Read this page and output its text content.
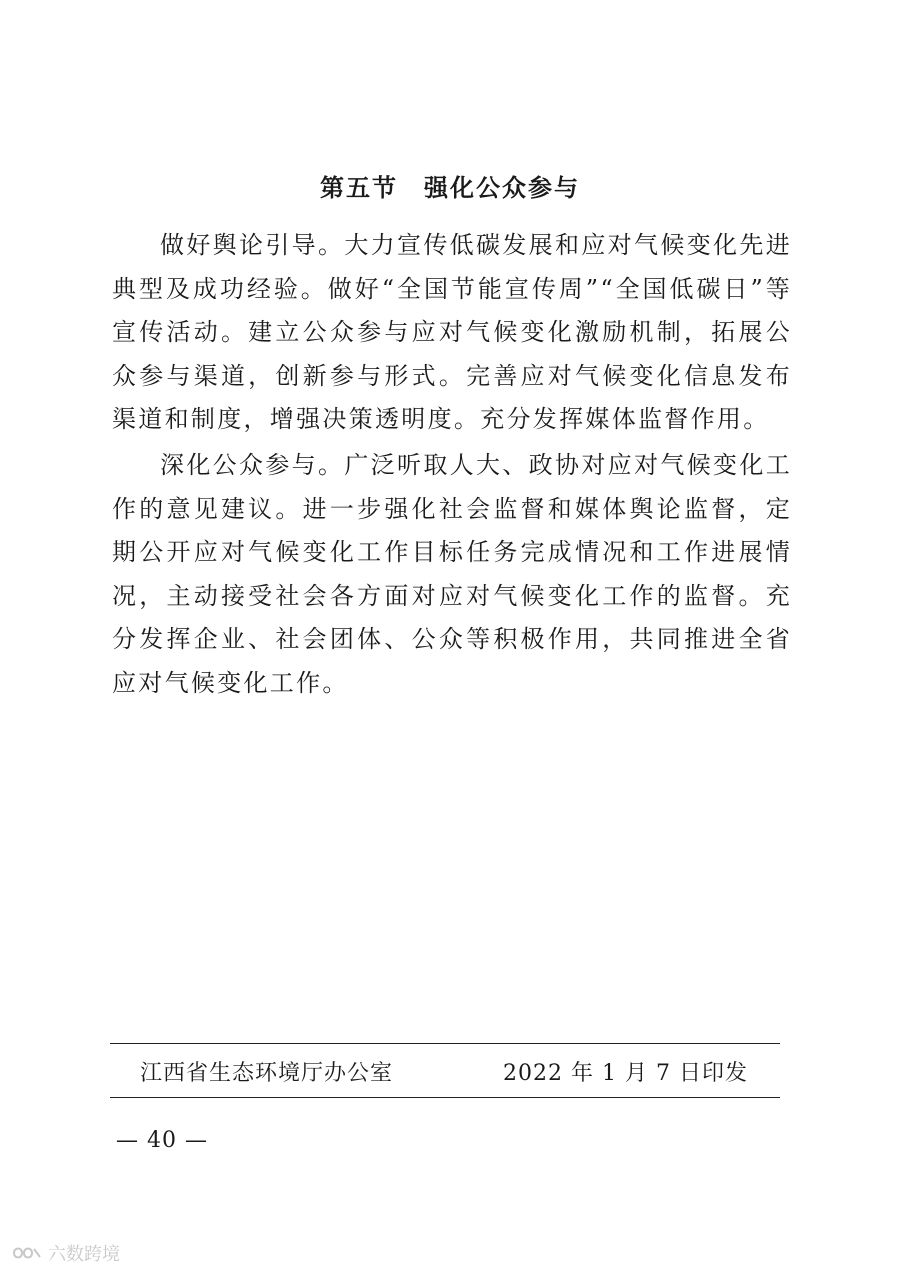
第五节　强化公众参与

做好舆论引导。大力宣传低碳发展和应对气候变化先进典型及成功经验。做好“全国节能宣传周”“全国低碳日”等宣传活动。建立公众参与应对气候变化激励机制，拓展公众参与渠道，创新参与形式。完善应对气候变化信息发布渠道和制度，增强决策透明度。充分发挥媒体监督作用。

深化公众参与。广泛听取人大、政协对应对气候变化工作的意见建议。进一步强化社会监督和媒体舆论监督，定期公开应对气候变化工作目标任务完成情况和工作进展情况，主动接受社会各方面对应对气候变化工作的监督。充分发挥企业、社会团体、公众等积极作用，共同推进全省应对气候变化工作。

江西省生态环境厅办公室	2022 年 1 月 7 日印发
— 40 —
六数跨境
